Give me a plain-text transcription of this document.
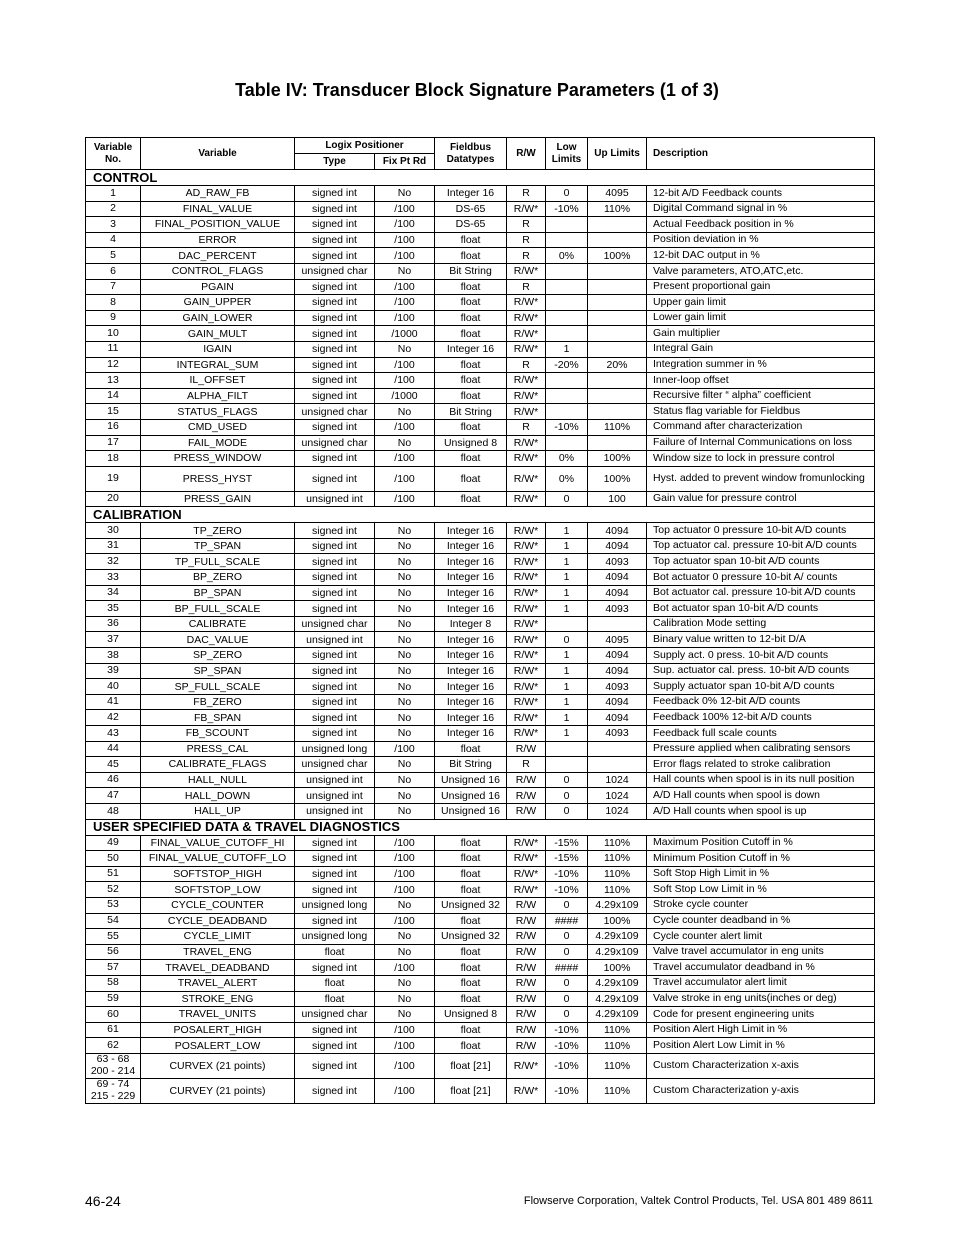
Table IV: Transducer Block Signature Parameters (1 of 3)
Variable No.	Variable	Logix Positioner		Fieldbus Datatypes	R/W	Low Limits	Up Limits	Description
		Type	Fix Pt Rd					
CONTROL								
1	AD_RAW_FB	signed int	No	Integer 16	R	0	4095	12-bit A/D Feedback counts
2	FINAL_VALUE	signed int	/100	DS-65	R/W*	-10%	110%	Digital Command signal in %
3	FINAL_POSITION_VALUE	signed int	/100	DS-65	R			Actual Feedback position in %
4	ERROR	signed int	/100	float	R			Position deviation in %
5	DAC_PERCENT	signed int	/100	float	R	0%	100%	12-bit DAC output in %
6	CONTROL_FLAGS	unsigned char	No	Bit String	R/W*			Valve parameters, ATO,ATC,etc.
7	PGAIN	signed int	/100	float	R			Present proportional gain
8	GAIN_UPPER	signed int	/100	float	R/W*			Upper gain limit
9	GAIN_LOWER	signed int	/100	float	R/W*			Lower gain limit
10	GAIN_MULT	signed int	/1000	float	R/W*			Gain multiplier
11	IGAIN	signed int	No	Integer 16	R/W*	1		Integral Gain
12	INTEGRAL_SUM	signed int	/100	float	R	-20%	20%	Integration summer in %
13	IL_OFFSET	signed int	/100	float	R/W*			Inner-loop offset
14	ALPHA_FILT	signed int	/1000	float	R/W*			Recursive filter “ alpha” coefficient
15	STATUS_FLAGS	unsigned char	No	Bit String	R/W*			Status flag variable for Fieldbus
16	CMD_USED	signed int	/100	float	R	-10%	110%	Command after characterization
17	FAIL_MODE	unsigned char	No	Unsigned 8	R/W*			Failure of Internal Communications on loss
18	PRESS_WINDOW	signed int	/100	float	R/W*	0%	100%	Window size to lock in pressure control
19	PRESS_HYST	signed int	/100	float	R/W*	0%	100%	Hyst. added to prevent window fromunlocking
20	PRESS_GAIN	unsigned int	/100	float	R/W*	0	100	Gain value for pressure control
CALIBRATION								
30	TP_ZERO	signed int	No	Integer 16	R/W*	1	4094	Top actuator 0 pressure 10-bit A/D counts
31	TP_SPAN	signed int	No	Integer 16	R/W*	1	4094	Top actuator cal. pressure 10-bit A/D counts
32	TP_FULL_SCALE	signed int	No	Integer 16	R/W*	1	4093	Top actuator span 10-bit A/D counts
33	BP_ZERO	signed int	No	Integer 16	R/W*	1	4094	Bot actuator 0 pressure 10-bit A/ counts
34	BP_SPAN	signed int	No	Integer 16	R/W*	1	4094	Bot actuator cal. pressure 10-bit A/D counts
35	BP_FULL_SCALE	signed int	No	Integer 16	R/W*	1	4093	Bot actuator span 10-bit A/D counts
36	CALIBRATE	unsigned char	No	Integer 8	R/W*			Calibration Mode setting
37	DAC_VALUE	unsigned int	No	Integer 16	R/W*	0	4095	Binary value written to 12-bit D/A
38	SP_ZERO	signed int	No	Integer 16	R/W*	1	4094	Supply act. 0 press. 10-bit A/D counts
39	SP_SPAN	signed int	No	Integer 16	R/W*	1	4094	Sup. actuator cal. press. 10-bit A/D counts
40	SP_FULL_SCALE	signed int	No	Integer 16	R/W*	1	4093	Supply actuator span 10-bit A/D counts
41	FB_ZERO	signed int	No	Integer 16	R/W*	1	4094	Feedback 0% 12-bit A/D counts
42	FB_SPAN	signed int	No	Integer 16	R/W*	1	4094	Feedback 100% 12-bit A/D counts
43	FB_SCOUNT	signed int	No	Integer 16	R/W*	1	4093	Feedback full scale counts
44	PRESS_CAL	unsigned long	/100	float	R/W			Pressure applied when calibrating sensors
45	CALIBRATE_FLAGS	unsigned char	No	Bit String	R			Error flags related to stroke calibration
46	HALL_NULL	unsigned int	No	Unsigned 16	R/W	0	1024	Hall counts when spool is in its null position
47	HALL_DOWN	unsigned int	No	Unsigned 16	R/W	0	1024	A/D Hall counts when spool is down
48	HALL_UP	unsigned int	No	Unsigned 16	R/W	0	1024	A/D Hall counts when spool is up
USER SPECIFIED DATA & TRAVEL DIAGNOSTICS								
49	FINAL_VALUE_CUTOFF_HI	signed int	/100	float	R/W*	-15%	110%	Maximum Position Cutoff in %
50	FINAL_VALUE_CUTOFF_LO	signed int	/100	float	R/W*	-15%	110%	Minimum Position Cutoff in %
51	SOFTSTOP_HIGH	signed int	/100	float	R/W*	-10%	110%	Soft Stop High Limit in %
52	SOFTSTOP_LOW	signed int	/100	float	R/W*	-10%	110%	Soft Stop Low Limit in %
53	CYCLE_COUNTER	unsigned long	No	Unsigned 32	R/W	0	4.29x109	Stroke cycle counter
54	CYCLE_DEADBAND	signed int	/100	float	R/W	####	100%	Cycle counter deadband in %
55	CYCLE_LIMIT	unsigned long	No	Unsigned 32	R/W	0	4.29x109	Cycle counter alert limit
56	TRAVEL_ENG	float	No	float	R/W	0	4.29x109	Valve travel accumulator in eng units
57	TRAVEL_DEADBAND	signed int	/100	float	R/W	####	100%	Travel accumulator deadband in %
58	TRAVEL_ALERT	float	No	float	R/W	0	4.29x109	Travel accumulator alert limit
59	STROKE_ENG	float	No	float	R/W	0	4.29x109	Valve stroke in eng units(inches or deg)
60	TRAVEL_UNITS	unsigned char	No	Unsigned 8	R/W	0	4.29x109	Code for present engineering units
61	POSALERT_HIGH	signed int	/100	float	R/W	-10%	110%	Position Alert High Limit in %
62	POSALERT_LOW	signed int	/100	float	R/W	-10%	110%	Position Alert Low Limit in %
63 - 68
200 - 214	CURVEX (21 points)	signed int	/100	float [21]	R/W*	-10%	110%	Custom Characterization x-axis
69 - 74
215 - 229	CURVEY (21 points)	signed int	/100	float [21]	R/W*	-10%	110%	Custom Characterization y-axis
46-24	Flowserve Corporation, Valtek Control Products, Tel. USA 801 489 8611
